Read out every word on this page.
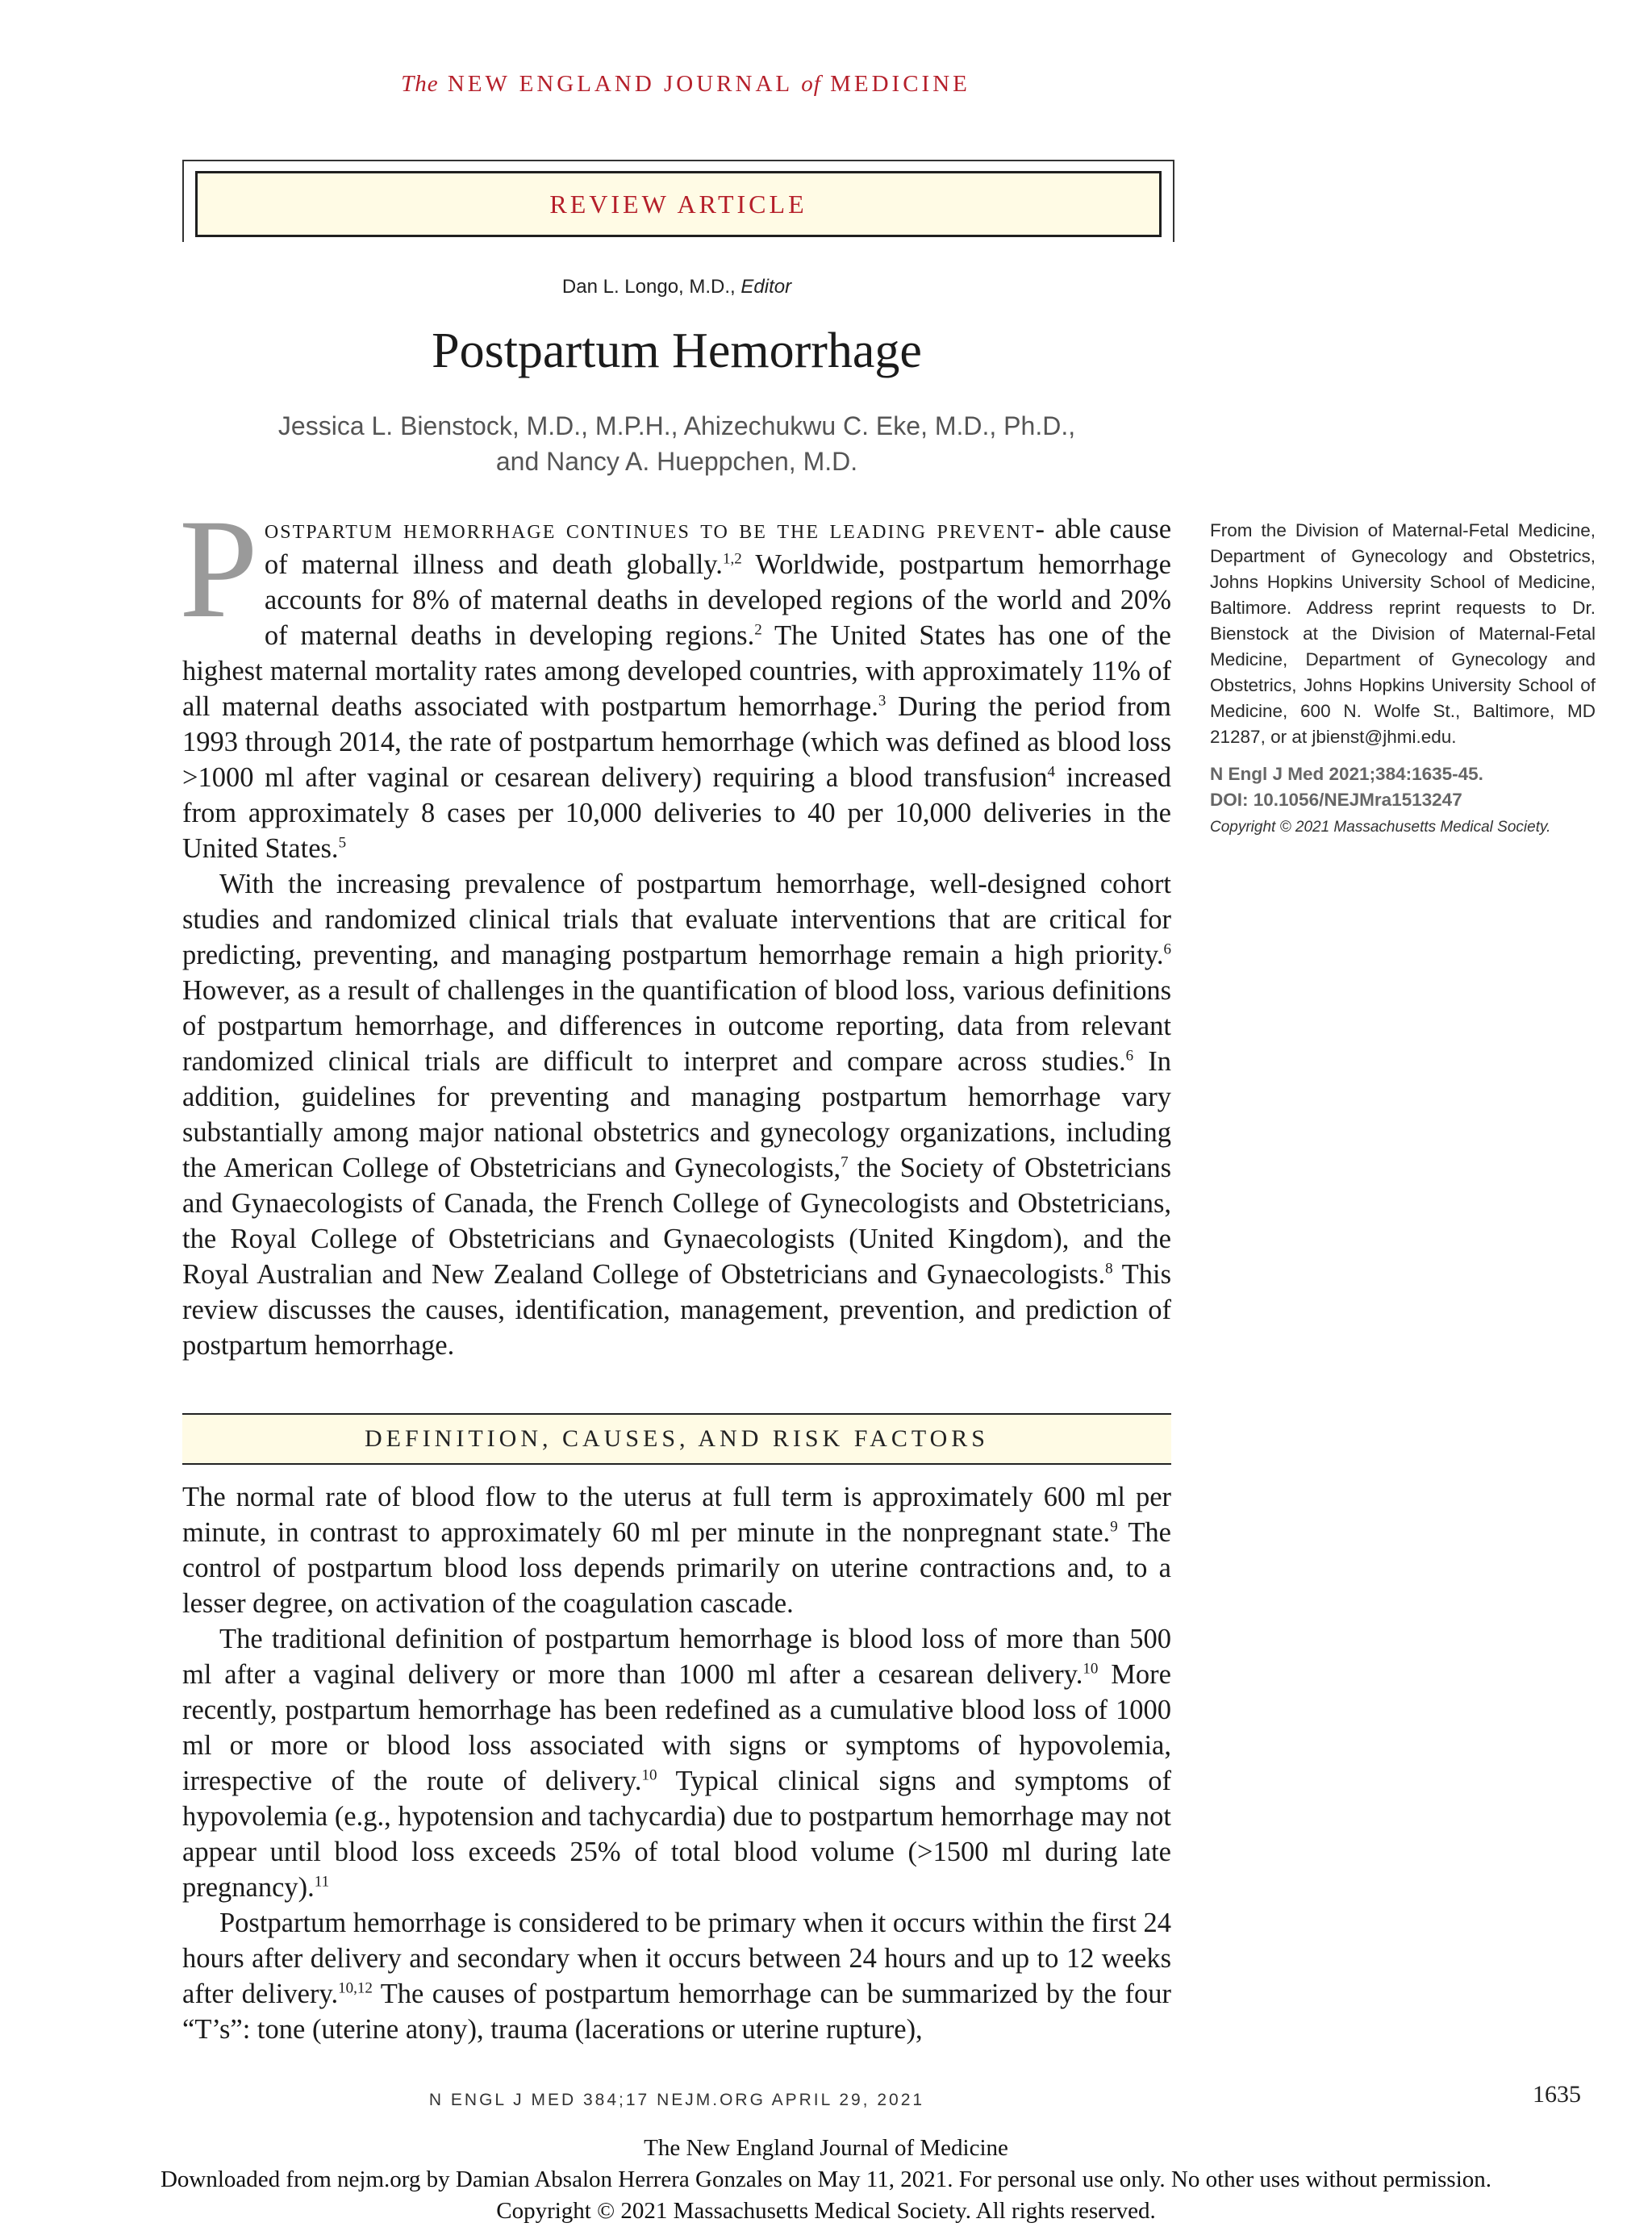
The NEW ENGLAND JOURNAL of MEDICINE
REVIEW ARTICLE
Dan L. Longo, M.D., Editor
Postpartum Hemorrhage
Jessica L. Bienstock, M.D., M.P.H., Ahizechukwu C. Eke, M.D., Ph.D.,
and Nancy A. Hueppchen, M.D.

Postpartum hemorrhage continues to be the leading prevent- able cause of maternal illness and death globally.$^{1,2}$ Worldwide, postpartum hemorrhage accounts for 8% of maternal deaths in developed regions of the world and 20% of maternal deaths in developing regions.$^2$ The United States has one of the highest maternal mortality rates among developed countries, with approximately 11% of all maternal deaths associated with postpartum hemorrhage.$^3$ During the period from 1993 through 2014, the rate of postpartum hemorrhage (which was defined as blood loss >1000 ml after vaginal or cesarean delivery) requiring a blood transfusion$^4$ increased from approximately 8 cases per 10,000 deliveries to 40 per 10,000 deliveries in the United States.$^5$

With the increasing prevalence of postpartum hemorrhage, well-designed cohort studies and randomized clinical trials that evaluate interventions that are critical for predicting, preventing, and managing postpartum hemorrhage remain a high priority.$^6$ However, as a result of challenges in the quantification of blood loss, various definitions of postpartum hemorrhage, and differences in outcome reporting, data from relevant randomized clinical trials are difficult to interpret and compare across studies.$^6$ In addition, guidelines for preventing and managing postpartum hemorrhage vary substantially among major national obstetrics and gynecology organizations, including the American College of Obstetricians and Gynecologists,$^7$ the Society of Obstetricians and Gynaecologists of Canada, the French College of Gynecologists and Obstetricians, the Royal College of Obstetricians and Gynaecologists (United Kingdom), and the Royal Australian and New Zealand College of Obstetricians and Gynaecologists.$^8$ This review discusses the causes, identification, management, prevention, and prediction of postpartum hemorrhage.

From the Division of Maternal-Fetal Medicine, Department of Gynecology and Obstetrics, Johns Hopkins University School of Medicine, Baltimore. Address reprint requests to Dr. Bienstock at the Division of Maternal-Fetal Medicine, Department of Gynecology and Obstetrics, Johns Hopkins University School of Medicine, 600 N. Wolfe St., Baltimore, MD 21287, or at jbienst@jhmi.edu.

N Engl J Med 2021;384:1635-45.
DOI: 10.1056/NEJMra1513247
Copyright © 2021 Massachusetts Medical Society.
DEFINITION, CAUSES, AND RISK FACTORS

The normal rate of blood flow to the uterus at full term is approximately 600 ml per minute, in contrast to approximately 60 ml per minute in the nonpregnant state.$^9$ The control of postpartum blood loss depends primarily on uterine contractions and, to a lesser degree, on activation of the coagulation cascade.

The traditional definition of postpartum hemorrhage is blood loss of more than 500 ml after a vaginal delivery or more than 1000 ml after a cesarean delivery.$^{10}$ More recently, postpartum hemorrhage has been redefined as a cumulative blood loss of 1000 ml or more or blood loss associated with signs or symptoms of hypovolemia, irrespective of the route of delivery.$^{10}$ Typical clinical signs and symptoms of hypovolemia (e.g., hypotension and tachycardia) due to postpartum hemorrhage may not appear until blood loss exceeds 25% of total blood volume (>1500 ml during late pregnancy).$^{11}$

Postpartum hemorrhage is considered to be primary when it occurs within the first 24 hours after delivery and secondary when it occurs between 24 hours and up to 12 weeks after delivery.$^{10,12}$ The causes of postpartum hemorrhage can be summarized by the four “T’s”: tone (uterine atony), trauma (lacerations or uterine rupture),

N ENGL J MED 384;17 NEJM.ORG APRIL 29, 2021	1635
The New England Journal of Medicine
Downloaded from nejm.org by Damian Absalon Herrera Gonzales on May 11, 2021. For personal use only. No other uses without permission.
Copyright © 2021 Massachusetts Medical Society. All rights reserved.
